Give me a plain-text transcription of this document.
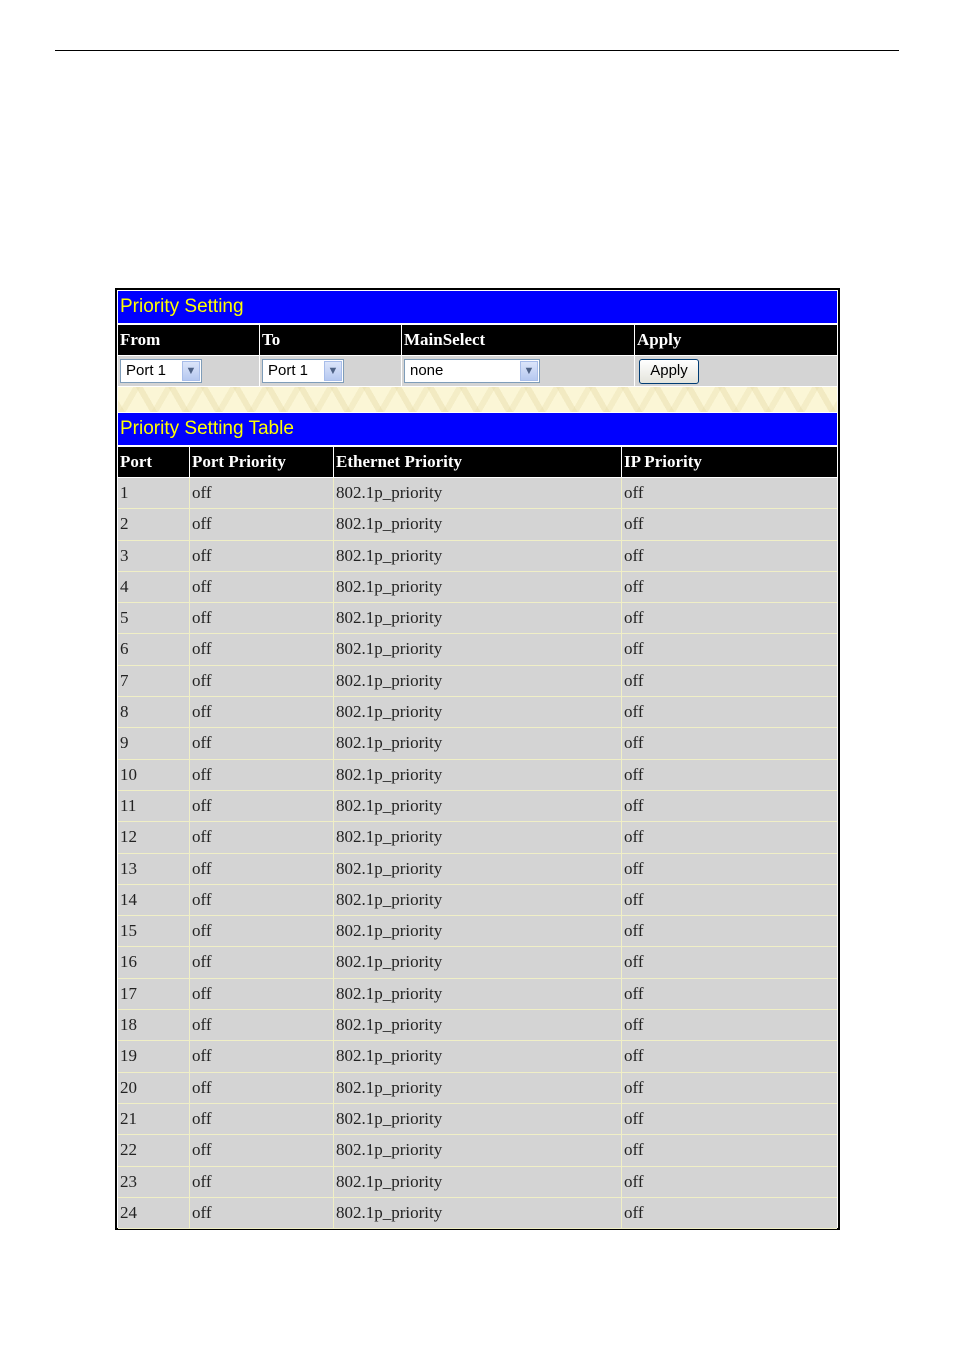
Priority Setting
From	To	MainSelect	Apply
Port 1	▼	Port 1	▼	none	▼	Apply
Priority Setting Table
Port	Port Priority	Ethernet Priority	IP Priority
1	off	802.1p_priority	off
2	off	802.1p_priority	off
3	off	802.1p_priority	off
4	off	802.1p_priority	off
5	off	802.1p_priority	off
6	off	802.1p_priority	off
7	off	802.1p_priority	off
8	off	802.1p_priority	off
9	off	802.1p_priority	off
10	off	802.1p_priority	off
11	off	802.1p_priority	off
12	off	802.1p_priority	off
13	off	802.1p_priority	off
14	off	802.1p_priority	off
15	off	802.1p_priority	off
16	off	802.1p_priority	off
17	off	802.1p_priority	off
18	off	802.1p_priority	off
19	off	802.1p_priority	off
20	off	802.1p_priority	off
21	off	802.1p_priority	off
22	off	802.1p_priority	off
23	off	802.1p_priority	off
24	off	802.1p_priority	off
